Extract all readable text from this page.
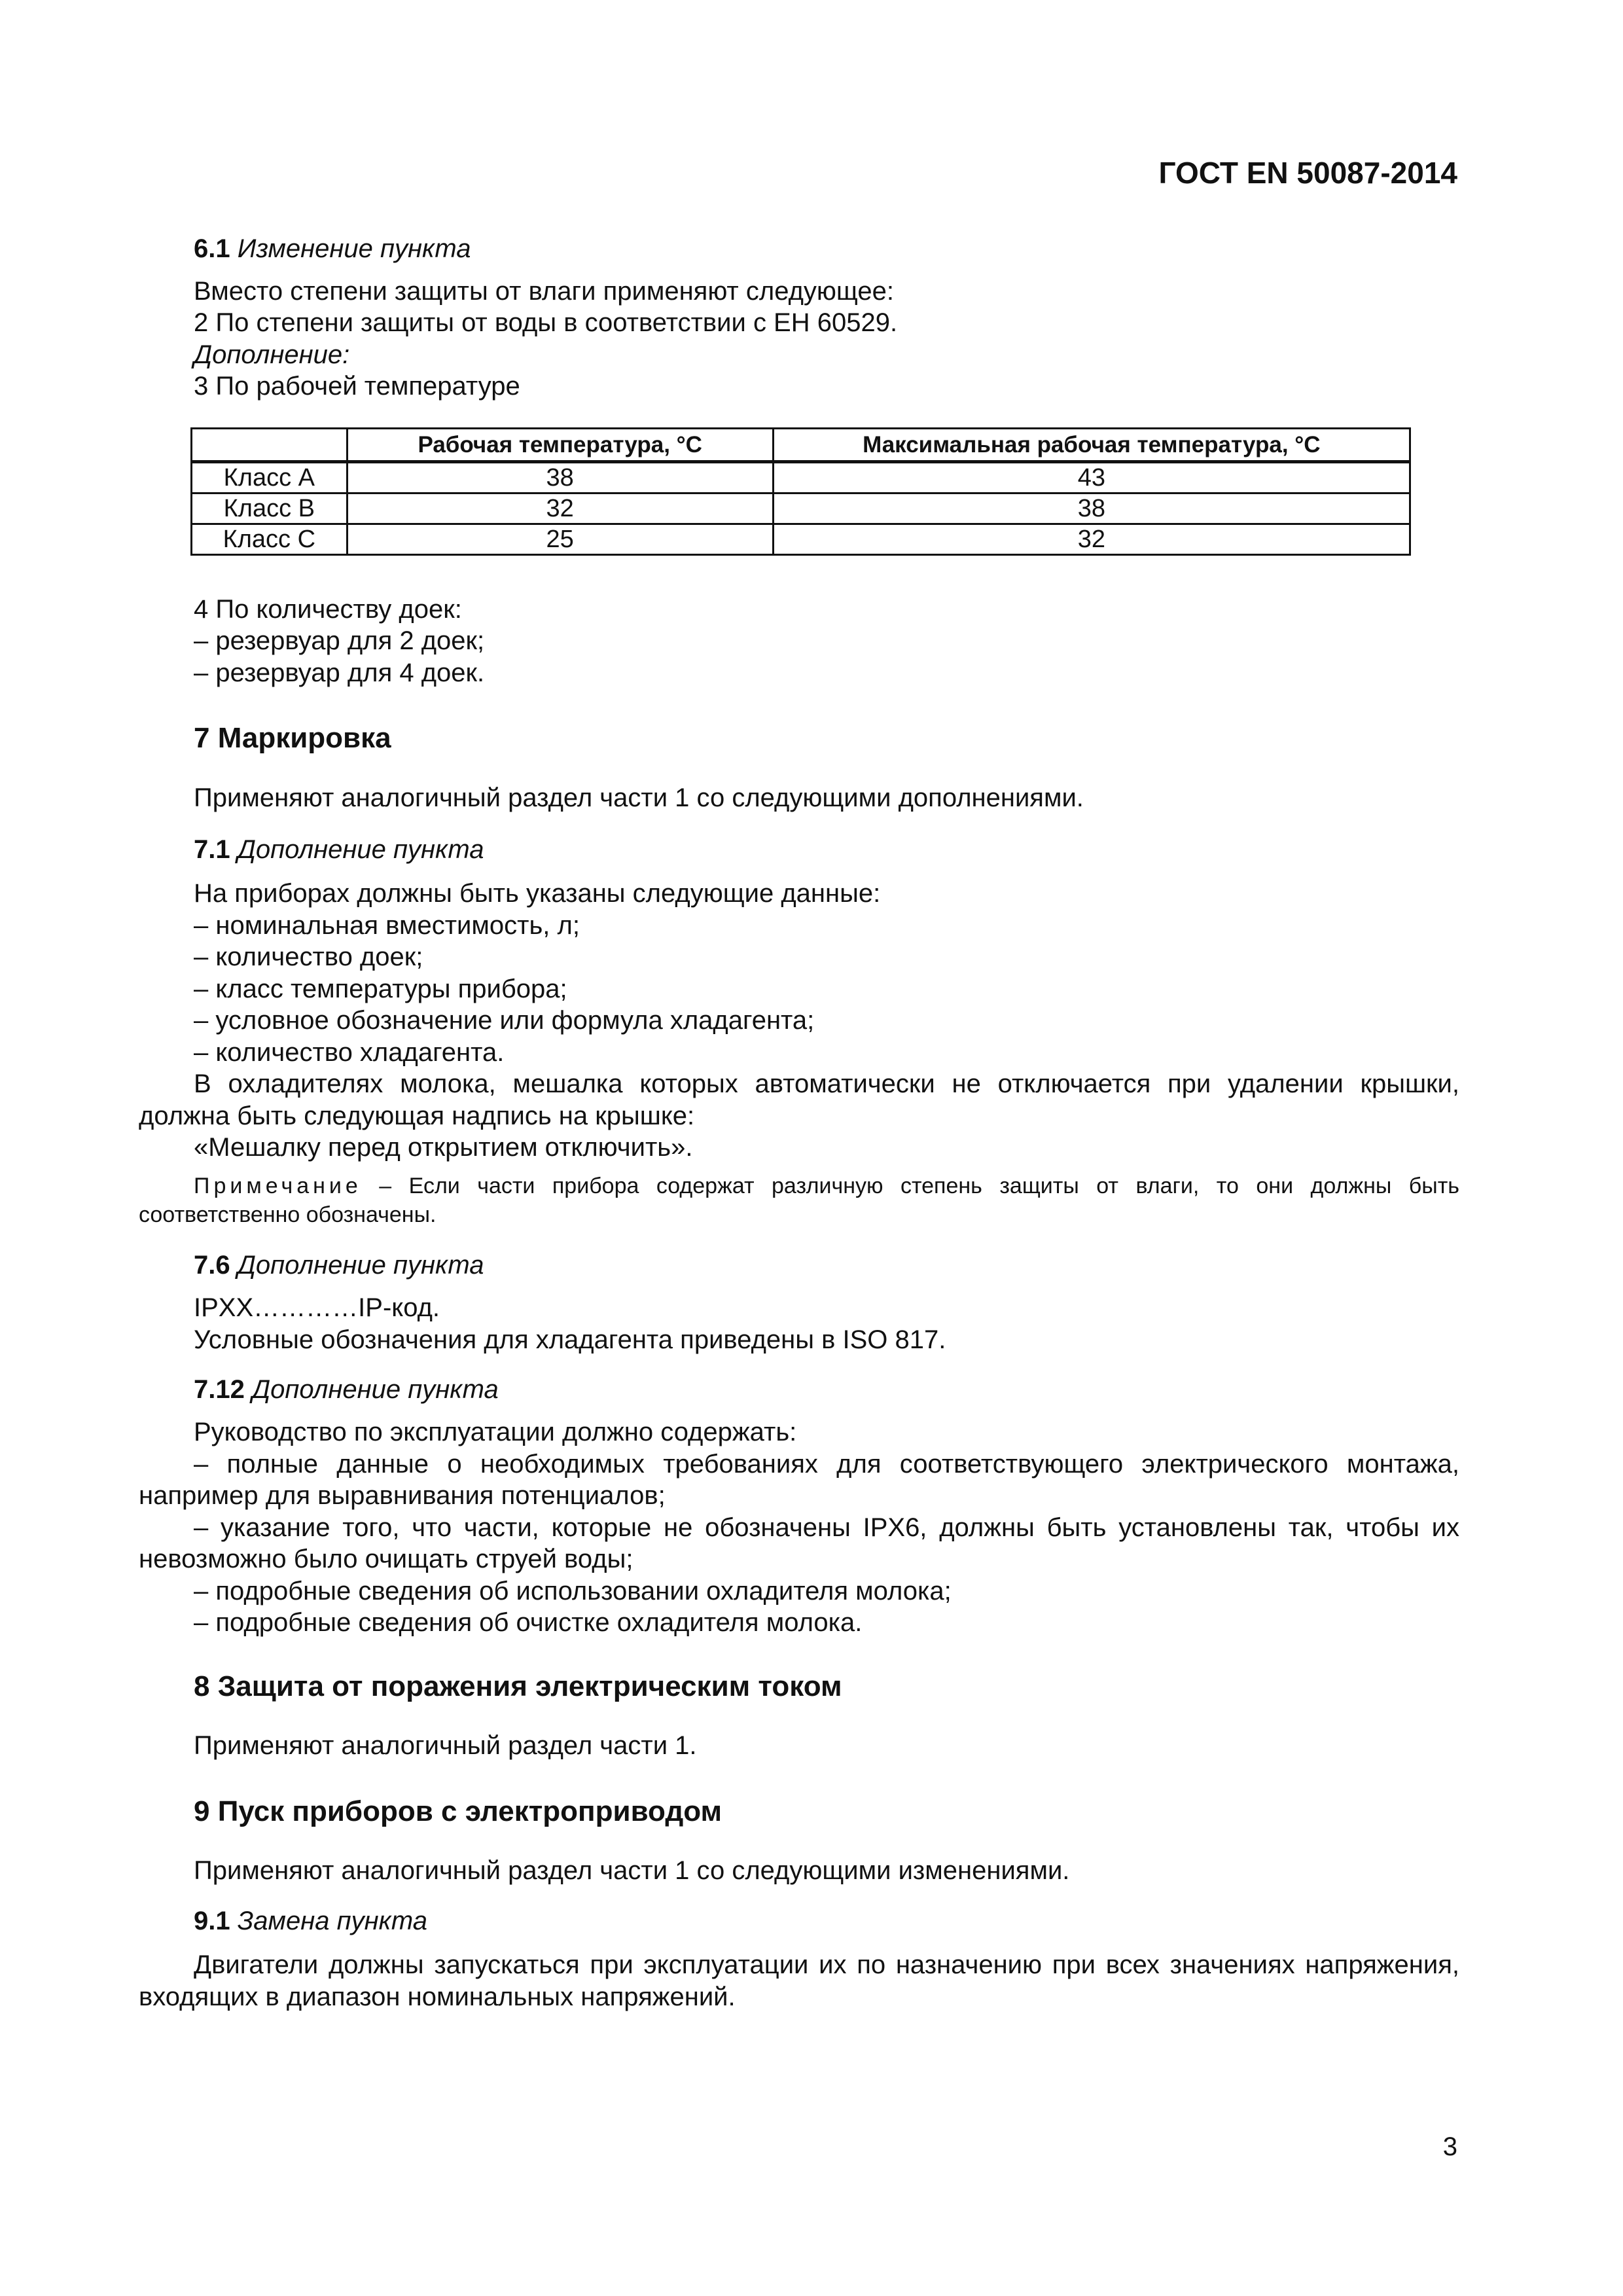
ГОСТ EN 50087-2014
6.1 Изменение пункта
Вместо степени защиты от влаги применяют следующее:
2 По степени защиты от воды в соответствии с ЕН 60529.
Дополнение:
3 По рабочей температуре
	Рабочая температура, °С	Максимальная рабочая температура, °С
Класс А	38	43
Класс В	32	38
Класс С	25	32
4 По количеству доек:
– резервуар для 2 доек;
– резервуар для 4 доек.
7 Маркировка
Применяют аналогичный раздел части 1 со следующими дополнениями.
7.1 Дополнение пункта
На приборах должны быть указаны следующие данные:
– номинальная вместимость, л;
– количество доек;
– класс температуры прибора;
– условное обозначение или формула хладагента;
– количество хладагента.
В охладителях молока, мешалка которых автоматически не отключается при удалении крышки,
должна быть следующая надпись на крышке:
«Мешалку перед открытием отключить».
Примечание – Если части прибора содержат различную степень защиты от влаги, то они должны быть
соответственно обозначены.
7.6 Дополнение пункта
IPXX…………IP-код.
Условные обозначения для хладагента приведены в ISO 817.
7.12 Дополнение пункта
Руководство по эксплуатации должно содержать:
– полные данные о необходимых требованиях для соответствующего электрического монтажа,
например для выравнивания потенциалов;
– указание того, что части, которые не обозначены IPX6, должны быть установлены так, чтобы их
невозможно было очищать струей воды;
– подробные сведения об использовании охладителя молока;
– подробные сведения об очистке охладителя молока.
8 Защита от поражения электрическим током
Применяют аналогичный раздел части 1.
9 Пуск приборов с электроприводом
Применяют аналогичный раздел части 1 со следующими изменениями.
9.1 Замена пункта
Двигатели должны запускаться при эксплуатации их по назначению при всех значениях напряжения,
входящих в диапазон номинальных напряжений.
3
